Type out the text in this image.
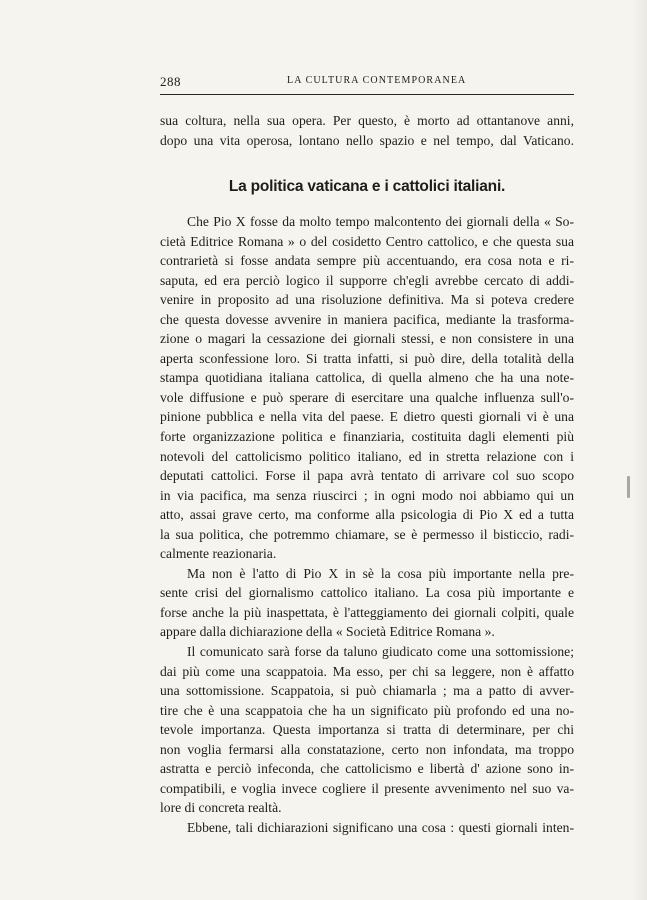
288	LA CULTURA CONTEMPORANEA
sua coltura, nella sua opera. Per questo, è morto ad ottantanove anni,
dopo una vita operosa, lontano nello spazio e nel tempo, dal Vaticano.
La politica vaticana e i cattolici italiani.
Che Pio X fosse da molto tempo malcontento dei giornali della « So-
cietà Editrice Romana » o del cosidetto Centro cattolico, e che questa sua
contrarietà si fosse andata sempre più accentuando, era cosa nota e ri-
saputa, ed era perciò logico il supporre ch'egli avrebbe cercato di addi-
venire in proposito ad una risoluzione definitiva. Ma si poteva credere
che questa dovesse avvenire in maniera pacifica, mediante la trasforma-
zione o magari la cessazione dei giornali stessi, e non consistere in una
aperta sconfessione loro. Si tratta infatti, si può dire, della totalità della
stampa quotidiana italiana cattolica, di quella almeno che ha una note-
vole diffusione e può sperare di esercitare una qualche influenza sull'o-
pinione pubblica e nella vita del paese. E dietro questi giornali vi è una
forte organizzazione politica e finanziaria, costituita dagli elementi più
notevoli del cattolicismo politico italiano, ed in stretta relazione con i
deputati cattolici. Forse il papa avrà tentato di arrivare col suo scopo
in via pacifica, ma senza riuscirci ; in ogni modo noi abbiamo qui un
atto, assai grave certo, ma conforme alla psicologia di Pio X ed a tutta
la sua politica, che potremmo chiamare, se è permesso il bisticcio, radi-
calmente reazionaria.
Ma non è l'atto di Pio X in sè la cosa più importante nella pre-
sente crisi del giornalismo cattolico italiano. La cosa più importante e
forse anche la più inaspettata, è l'atteggiamento dei giornali colpiti, quale
appare dalla dichiarazione della « Società Editrice Romana ».
Il comunicato sarà forse da taluno giudicato come una sottomissione;
dai più come una scappatoia. Ma esso, per chi sa leggere, non è affatto
una sottomissione. Scappatoia, si può chiamarla ; ma a patto di avver-
tire che è una scappatoia che ha un significato più profondo ed una no-
tevole importanza. Questa importanza si tratta di determinare, per chi
non voglia fermarsi alla constatazione, certo non infondata, ma troppo
astratta e perciò infeconda, che cattolicismo e libertà d' azione sono in-
compatibili, e voglia invece cogliere il presente avvenimento nel suo va-
lore di concreta realtà.
Ebbene, tali dichiarazioni significano una cosa : questi giornali inten-
